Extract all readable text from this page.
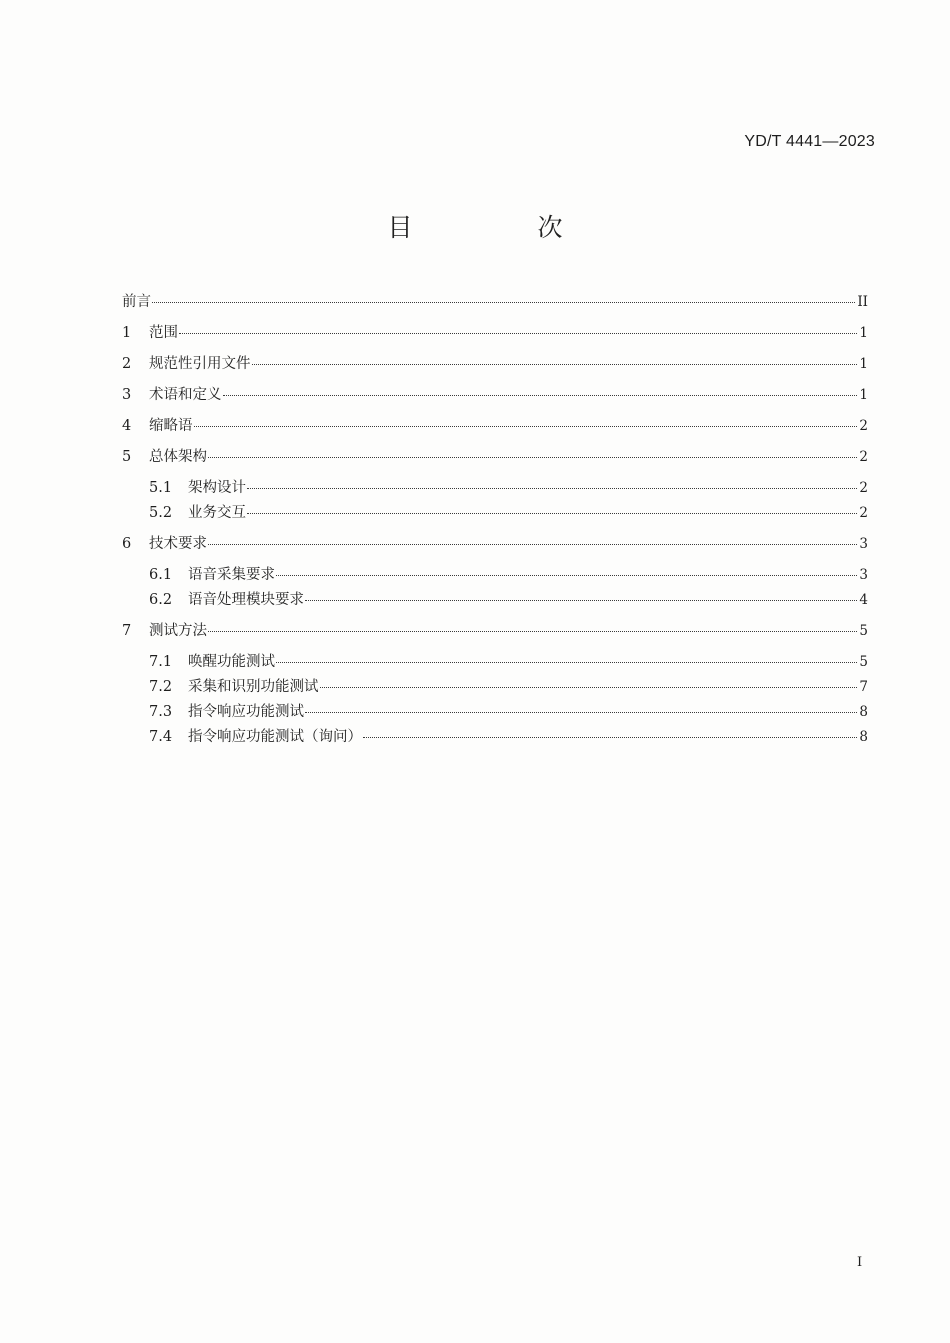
YD/T 4441—2023
目　次
前言	II
1	范围	1
2	规范性引用文件	1
3	术语和定义	1
4	缩略语	2
5	总体架构	2
5.1	架构设计	2
5.2	业务交互	2
6	技术要求	3
6.1	语音采集要求	3
6.2	语音处理模块要求	4
7	测试方法	5
7.1	唤醒功能测试	5
7.2	采集和识别功能测试	7
7.3	指令响应功能测试	8
7.4	指令响应功能测试（询问）	8
I
